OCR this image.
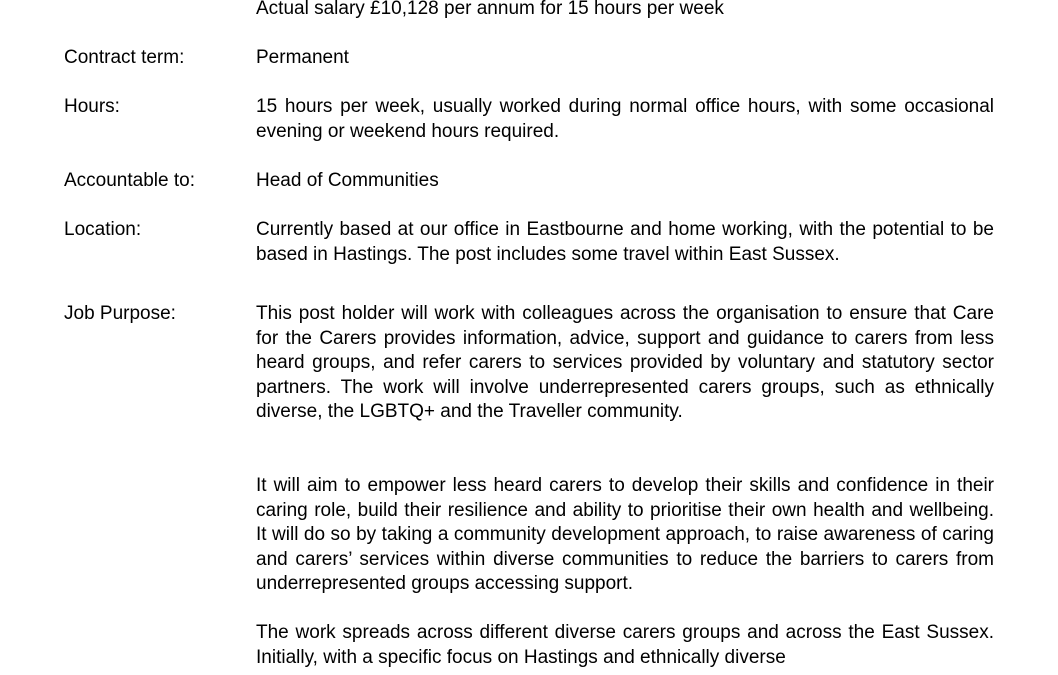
Actual salary £10,128 per annum for 15 hours per week
Contract term:	Permanent
Hours:	15 hours per week, usually worked during normal office hours, with some occasional evening or weekend hours required.
Accountable to:	Head of Communities
Location:	Currently based at our office in Eastbourne and home working, with the potential to be based in Hastings. The post includes some travel within East Sussex.
Job Purpose:	This post holder will work with colleagues across the organisation to ensure that Care for the Carers provides information, advice, support and guidance to carers from less heard groups, and refer carers to services provided by voluntary and statutory sector partners. The work will involve underrepresented carers groups, such as ethnically diverse, the LGBTQ+ and the Traveller community.

It will aim to empower less heard carers to develop their skills and confidence in their caring role, build their resilience and ability to prioritise their own health and wellbeing. It will do so by taking a community development approach, to raise awareness of caring and carers’ services within diverse communities to reduce the barriers to carers from underrepresented groups accessing support.

The work spreads across different diverse carers groups and across the East Sussex. Initially, with a specific focus on Hastings and ethnically diverse
